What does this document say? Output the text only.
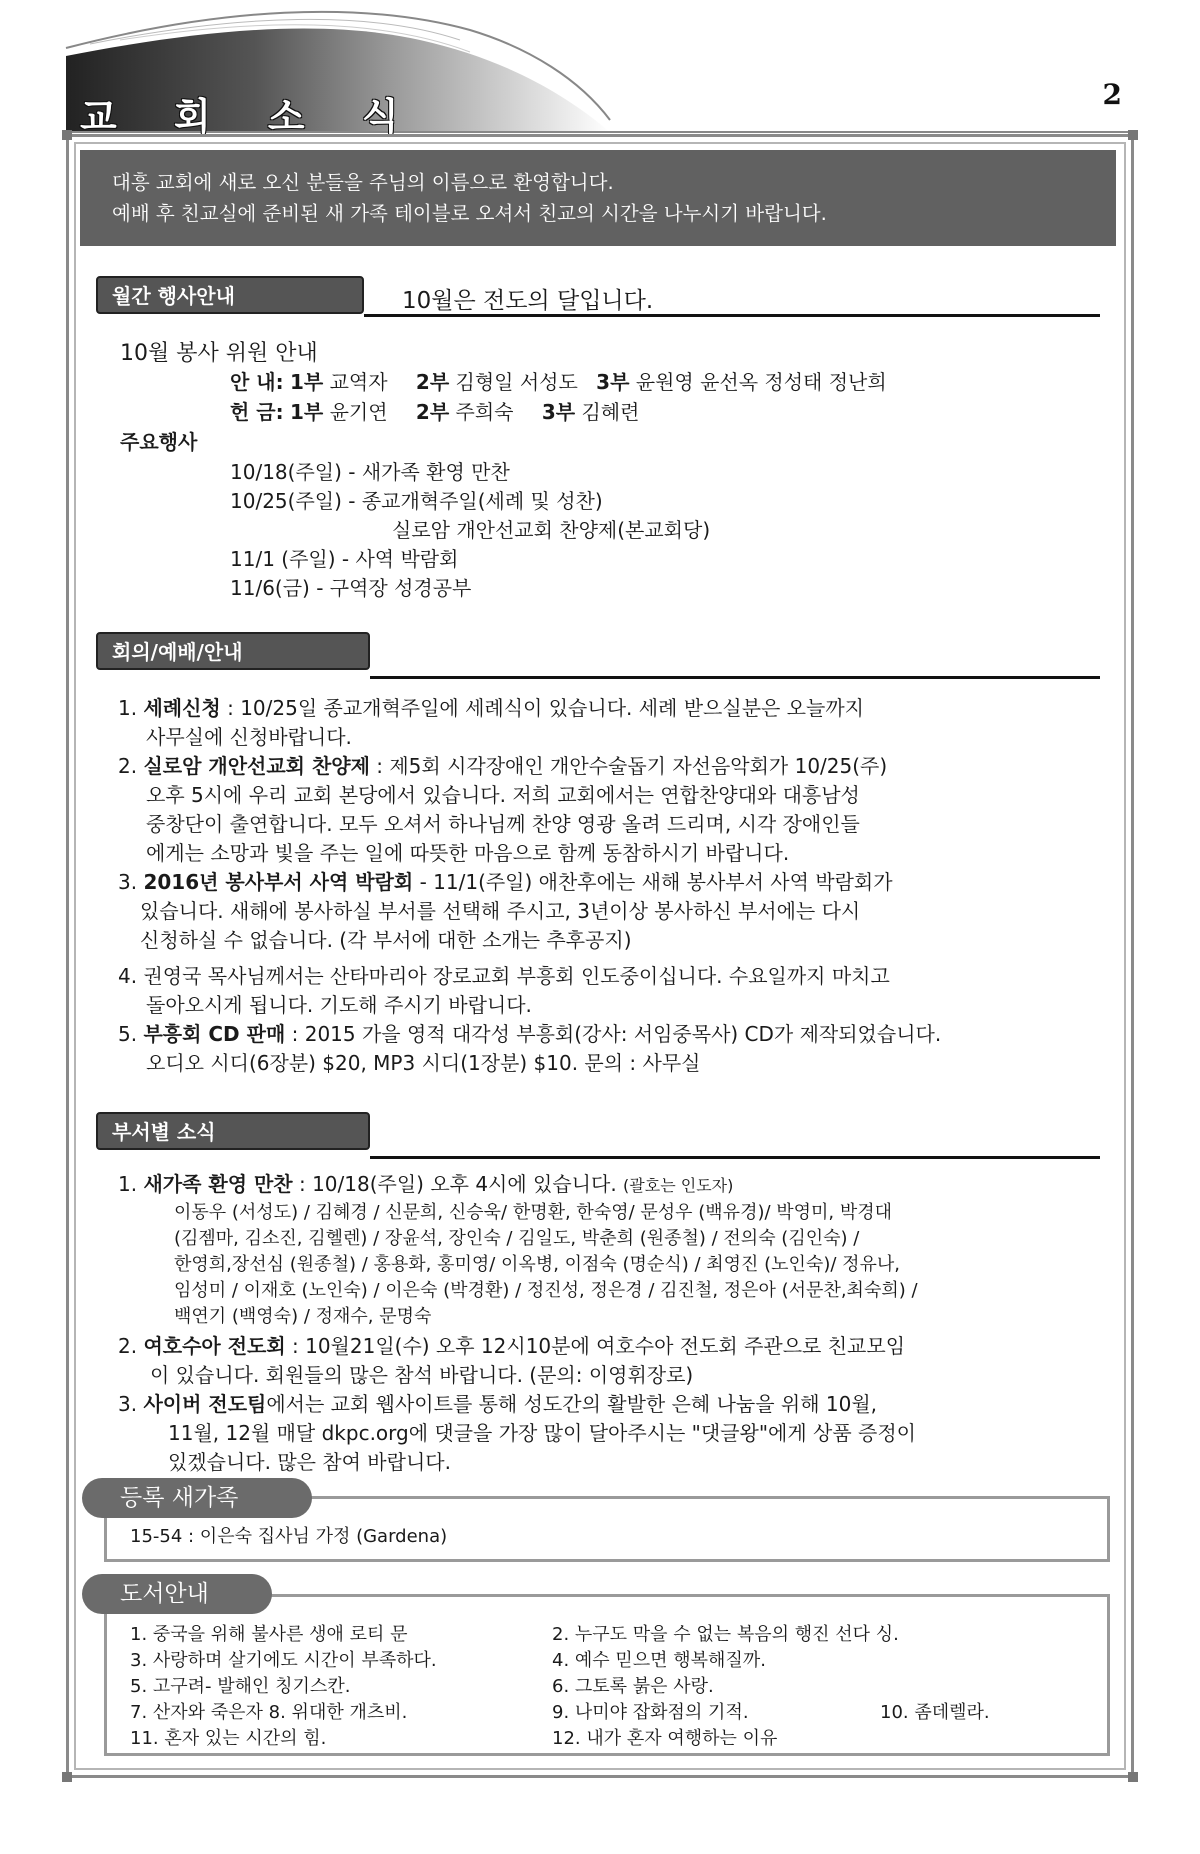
교 회 소 식	2
대흥 교회에 새로 오신 분들을 주님의 이름으로 환영합니다.
예배 후 친교실에 준비된 새 가족 테이블로 오셔서 친교의 시간을 나누시기 바랍니다.
월간 행사안내	10월은 전도의 달입니다.
10월 봉사 위원 안내
안 내: 1부 교역자 2부 김형일 서성도 3부 윤원영 윤선옥 정성태 정난희
헌 금: 1부 윤기연 2부 주희숙 3부 김혜련
주요행사
10/18(주일) - 새가족 환영 만찬
10/25(주일) - 종교개혁주일(세례 및 성찬)
실로암 개안선교회 찬양제(본교회당)
11/1 (주일) - 사역 박람회
11/6(금) - 구역장 성경공부
회의/예배/안내
1. 세례신청 : 10/25일 종교개혁주일에 세례식이 있습니다. 세례 받으실분은 오늘까지
사무실에 신청바랍니다.
2. 실로암 개안선교회 찬양제 : 제5회 시각장애인 개안수술돕기 자선음악회가 10/25(주)
오후 5시에 우리 교회 본당에서 있습니다. 저희 교회에서는 연합찬양대와 대흥남성
중창단이 출연합니다. 모두 오셔서 하나님께 찬양 영광 올려 드리며, 시각 장애인들
에게는 소망과 빛을 주는 일에 따뜻한 마음으로 함께 동참하시기 바랍니다.
3. 2016년 봉사부서 사역 박람회 - 11/1(주일) 애찬후에는 새해 봉사부서 사역 박람회가
있습니다. 새해에 봉사하실 부서를 선택해 주시고, 3년이상 봉사하신 부서에는 다시
신청하실 수 없습니다. (각 부서에 대한 소개는 추후공지)
4. 권영국 목사님께서는 산타마리아 장로교회 부흥회 인도중이십니다. 수요일까지 마치고
돌아오시게 됩니다. 기도해 주시기 바랍니다.
5. 부흥회 CD 판매 : 2015 가을 영적 대각성 부흥회(강사: 서임중목사) CD가 제작되었습니다.
오디오 시디(6장분) $20, MP3 시디(1장분) $10. 문의 : 사무실
부서별 소식
1. 새가족 환영 만찬 : 10/18(주일) 오후 4시에 있습니다. (괄호는 인도자)
이동우 (서성도) / 김혜경 / 신문희, 신승욱/ 한명환, 한숙영/ 문성우 (백유경)/ 박영미, 박경대
(김젬마, 김소진, 김헬렌) / 장윤석, 장인숙 / 김일도, 박춘희 (원종철) / 전의숙 (김인숙) /
한영희,장선심 (원종철) / 홍용화, 홍미영/ 이옥병, 이점숙 (명순식) / 최영진 (노인숙)/ 정유나,
임성미 / 이재호 (노인숙) / 이은숙 (박경환) / 정진성, 정은경 / 김진철, 정은아 (서문찬,최숙희) /
백연기 (백영숙) / 정재수, 문명숙
2. 여호수아 전도회 : 10월21일(수) 오후 12시10분에 여호수아 전도회 주관으로 친교모임
이 있습니다. 회원들의 많은 참석 바랍니다. (문의: 이영휘장로)
3. 사이버 전도팀에서는 교회 웹사이트를 통해 성도간의 활발한 은혜 나눔을 위해 10월,
11월, 12월 매달 dkpc.org에 댓글을 가장 많이 달아주시는 "댓글왕"에게 상품 증정이
있겠습니다. 많은 참여 바랍니다.
등록 새가족
15-54 : 이은숙 집사님 가정 (Gardena)
도서안내
1. 중국을 위해 불사른 생애 로티 문
3. 사랑하며 살기에도 시간이 부족하다.
5. 고구려- 발해인 칭기스칸.
7. 산자와 죽은자 8. 위대한 개츠비.
11. 혼자 있는 시간의 힘.
2. 누구도 막을 수 없는 복음의 행진 선다 싱.
4. 예수 믿으면 행복해질까.
6. 그토록 붉은 사랑.
9. 나미야 잡화점의 기적.
12. 내가 혼자 여행하는 이유
10. 좀데렐라.
